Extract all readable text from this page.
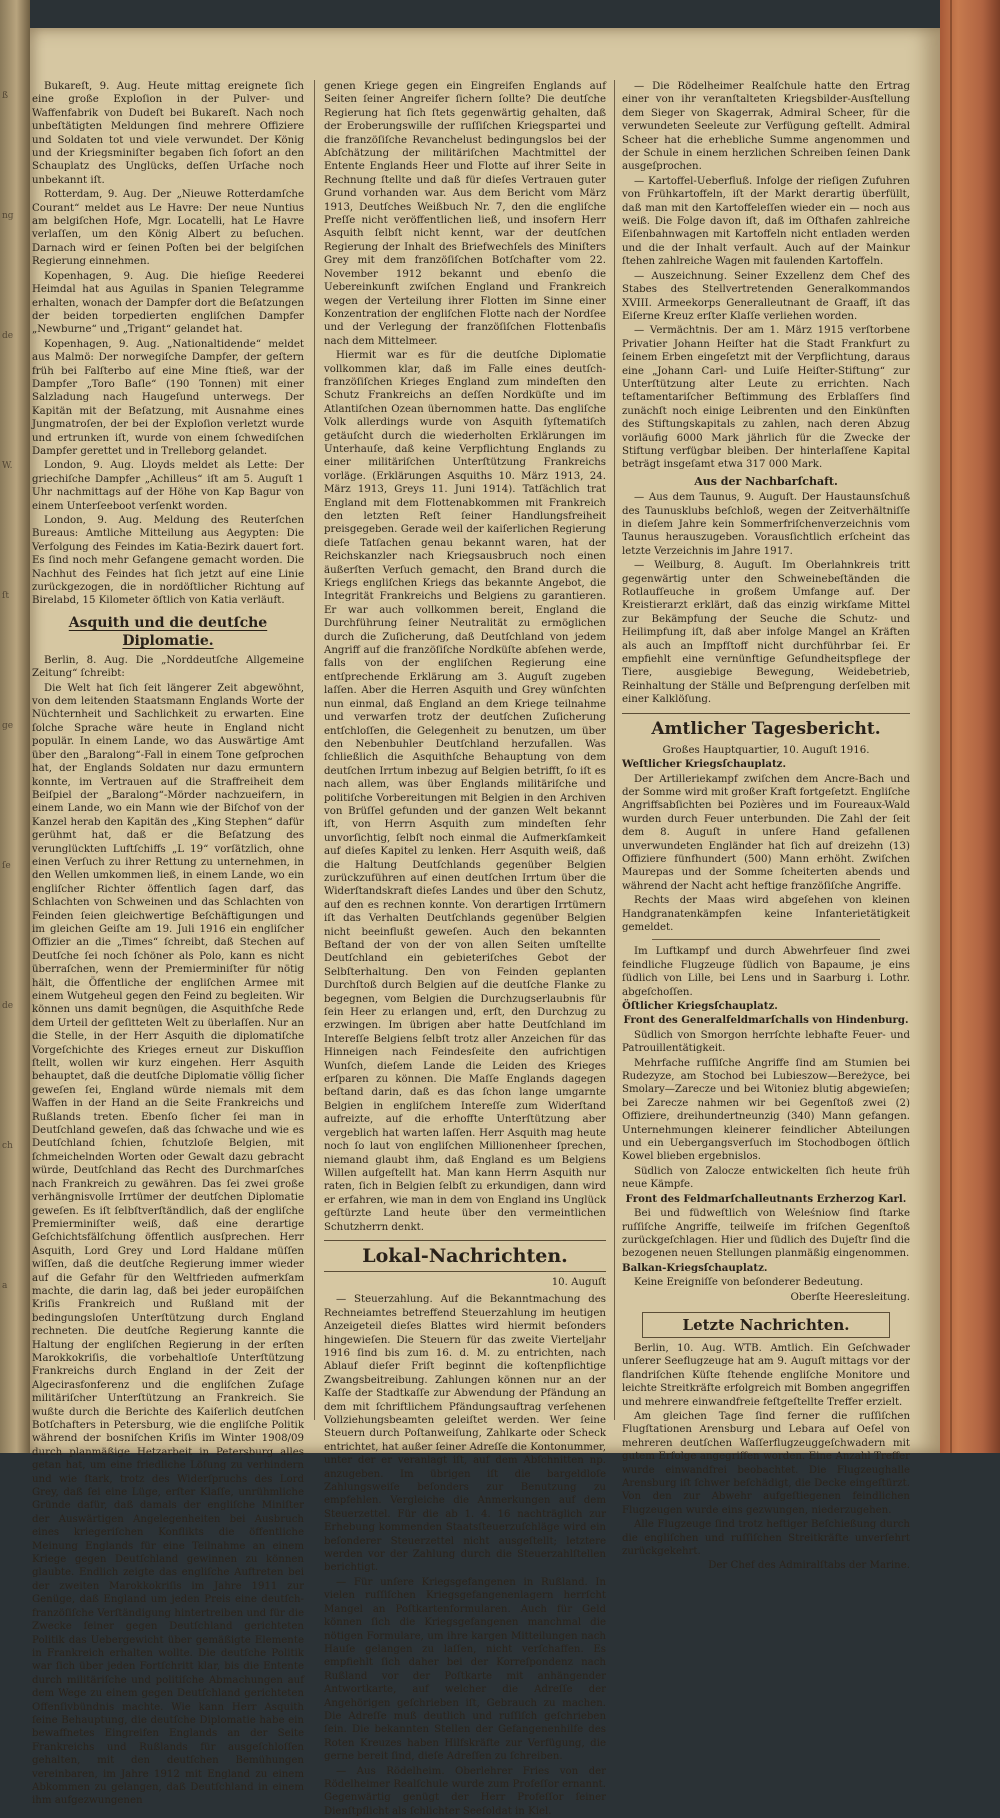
ß
ng
de
W.
ſt
ge
ſe
de
ch
a

Bukareſt, 9. Aug. Heute mittag ereignete ſich eine große Exploſion in der Pulver- und Waffenfabrik von Dudeſt bei Bukareſt. Nach noch unbeſtätigten Meldungen ſind mehrere Offiziere und Soldaten tot und viele verwundet. Der König und der Kriegsminiſter begaben ſich ſofort an den Schauplatz des Unglücks, deſſen Urſache noch unbekannt iſt.

Rotterdam, 9. Aug. Der „Nieuwe Rotterdamſche Courant“ meldet aus Le Havre: Der neue Nuntius am belgiſchen Hofe, Mgr. Locatelli, hat Le Havre verlaſſen, um den König Albert zu beſuchen. Darnach wird er ſeinen Poſten bei der belgiſchen Regierung einnehmen.

Kopenhagen, 9. Aug. Die hieſige Reederei Heimdal hat aus Aguilas in Spanien Telegramme erhalten, wonach der Dampfer dort die Beſatzungen der beiden torpedierten engliſchen Dampfer „Newburne“ und „Trigant“ gelandet hat.

Kopenhagen, 9. Aug. „Nationaltidende“ meldet aus Malmö: Der norwegiſche Dampfer, der geſtern früh bei Falſterbo auf eine Mine ſtieß, war der Dampfer „Toro Baſle“ (190 Tonnen) mit einer Salzladung nach Haugeſund unterwegs. Der Kapitän mit der Beſatzung, mit Ausnahme eines Jungmatroſen, der bei der Exploſion verletzt wurde und ertrunken iſt, wurde von einem ſchwediſchen Dampfer gerettet und in Trelleborg gelandet.

London, 9. Aug. Lloyds meldet als Lette: Der griechiſche Dampfer „Achilleus“ iſt am 5. Auguſt 1 Uhr nachmittags auf der Höhe von Kap Bagur von einem Unterſeeboot verſenkt worden.

London, 9. Aug. Meldung des Reuterſchen Bureaus: Amtliche Mitteilung aus Aegypten: Die Verfolgung des Feindes im Katia-Bezirk dauert fort. Es ſind noch mehr Gefangene gemacht worden. Die Nachhut des Feindes hat ſich jetzt auf eine Linie zurückgezogen, die in nordöſtlicher Richtung auf Birelabd, 15 Kilometer öſtlich von Katia verläuft.

Asquith und die deutſche Diplomatie.

Berlin, 8. Aug. Die „Norddeutſche Allgemeine Zeitung“ ſchreibt:

Die Welt hat ſich ſeit längerer Zeit abgewöhnt, von dem leitenden Staatsmann Englands Worte der Nüchternheit und Sachlichkeit zu erwarten. Eine ſolche Sprache wäre heute in England nicht populär. In einem Lande, wo das Auswärtige Amt über den „Baralong“-Fall in einem Tone geſprochen hat, der Englands Soldaten nur dazu ermuntern konnte, im Vertrauen auf die Straffreiheit dem Beiſpiel der „Baralong“-Mörder nachzueifern, in einem Lande, wo ein Mann wie der Biſchof von der Kanzel herab den Kapitän des „King Stephen“ dafür gerühmt hat, daß er die Beſatzung des verunglückten Luftſchiffs „L 19“ vorſätzlich, ohne einen Verſuch zu ihrer Rettung zu unternehmen, in den Wellen umkommen ließ, in einem Lande, wo ein engliſcher Richter öffentlich ſagen darf, das Schlachten von Schweinen und das Schlachten von Feinden ſeien gleichwertige Beſchäftigungen und im gleichen Geiſte am 19. Juli 1916 ein engliſcher Offizier an die „Times“ ſchreibt, daß Stechen auf Deutſche ſei noch ſchöner als Polo, kann es nicht überraſchen, wenn der Premierminiſter für nötig hält, die Öffentliche der engliſchen Armee mit einem Wutgeheul gegen den Feind zu begleiten. Wir können uns damit begnügen, die Asquithſche Rede dem Urteil der geſitteten Welt zu überlaſſen. Nur an die Stelle, in der Herr Asquith die diplomatiſche Vorgeſchichte des Krieges erneut zur Diskuſſion ſtellt, wollen wir kurz eingehen. Herr Asquith behauptet, daß die deutſche Diplomatie völlig ſicher geweſen ſei, England würde niemals mit dem Waffen in der Hand an die Seite Frankreichs und Rußlands treten. Ebenſo ſicher ſei man in Deutſchland geweſen, daß das ſchwache und wie es Deutſchland ſchien, ſchutzloſe Belgien, mit ſchmeichelnden Worten oder Gewalt dazu gebracht würde, Deutſchland das Recht des Durchmarſches nach Frankreich zu gewähren. Das ſei zwei große verhängnisvolle Irrtümer der deutſchen Diplomatie geweſen. Es iſt ſelbſtverſtändlich, daß der engliſche Premierminiſter weiß, daß eine derartige Geſchichtsfälſchung öffentlich ausſprechen. Herr Asquith, Lord Grey und Lord Haldane müſſen wiſſen, daß die deutſche Regierung immer wieder auf die Gefahr für den Weltfrieden aufmerkſam machte, die darin lag, daß bei jeder europäiſchen Kriſis Frankreich und Rußland mit der bedingungsloſen Unterſtützung durch England rechneten. Die deutſche Regierung kannte die Haltung der engliſchen Regierung in der erſten Marokkokriſis, die vorbehaltloſe Unterſtützung Frankreichs durch England in der Zeit der Algecirasfonferenz und die engliſchen Zuſage militäriſcher Unterſtützung an Frankreich. Sie wußte durch die Berichte des Kaiſerlich deutſchen Botſchafters in Petersburg, wie die engliſche Politik während der bosniſchen Kriſis im Winter 1908/09 durch planmäßige Hetzarbeit in Petersburg alles getan hat, um eine friedliche Löſung zu verhindern und wie ſtark, trotz des Widerſpruchs des Lord Grey, daß ſei eine Lüge, erſter Klaſſe, unrühmliche Gründe dafür, daß damals der engliſche Miniſter der Auswärtigen Angelegenheiten bei Ausbruch eines kriegeriſchen Konflikts die öffentliche Meinung Englands für eine Teilnahme an einem Kriege gegen Deutſchland gewinnen zu können glaubte. Endlich zeigte das engliſche Auftreten bei der zweiten Marokkokriſis im Jahre 1911 zur Genüge, daß England um jeden Preis eine deutſch-franzöſiſche Verſtändigung hintertreiben und für die Zwecke ſeiner gegen Deutſchland gerichteten Politik das Uebergewicht über gemäßigte Elemente in Frankreich erhalten wollte. Die deutſche Politik war ſich über jeden Fortſchritt klar, bis die Entente durch militäriſche und politiſche Abmachungen auf dem Wege zu einem gegen Deutſchland gerichteten Offenſivbündnis machte. Wie kann Herr Asquith ſeine Behauptung, die deutſche Diplomatie habe ein bewaffnetes Eingreifen Englands an der Seite Frankreichs und Rußlands für ausgeſchloſſen gehalten, mit den deutſchen Bemühungen vereinbaren, im Jahre 1912 mit England zu einem Abkommen zu gelangen, daß Deutſchland in einem ihm aufgezwungenen

genen Kriege gegen ein Eingreifen Englands auf Seiten ſeiner Angreifer ſichern ſollte? Die deutſche Regierung hat ſich ſtets gegenwärtig gehalten, daß der Eroberungswille der ruſſiſchen Kriegspartei und die franzöſiſche Revanchelust bedingungslos bei der Abſchätzung der militäriſchen Machtmittel der Entente Englands Heer und Flotte auf ihrer Seite in Rechnung ſtellte und daß für dieſes Vertrauen guter Grund vorhanden war. Aus dem Bericht vom März 1913, Deutſches Weißbuch Nr. 7, den die engliſche Preſſe nicht veröffentlichen ließ, und insofern Herr Asquith ſelbſt nicht kennt, war der deutſchen Regierung der Inhalt des Briefwechſels des Miniſters Grey mit dem franzöſiſchen Botſchafter vom 22. November 1912 bekannt und ebenſo die Uebereinkunft zwiſchen England und Frankreich wegen der Verteilung ihrer Flotten im Sinne einer Konzentration der engliſchen Flotte nach der Nordſee und der Verlegung der franzöſiſchen Flottenbaſis nach dem Mittelmeer.

Hiermit war es für die deutſche Diplomatie vollkommen klar, daß im Falle eines deutſch-franzöſiſchen Krieges England zum mindeſten den Schutz Frankreichs an deſſen Nordküſte und im Atlantiſchen Ozean übernommen hatte. Das engliſche Volk allerdings wurde von Asquith ſyſtematiſch getäuſcht durch die wiederholten Erklärungen im Unterhauſe, daß keine Verpflichtung Englands zu einer militäriſchen Unterſtützung Frankreichs vorläge. (Erklärungen Asquiths 10. März 1913, 24. März 1913, Greys 11. Juni 1914). Tatſächlich trat England mit dem Flottenabkommen mit Frankreich den letzten Reſt ſeiner Handlungsfreiheit preisgegeben. Gerade weil der kaiſerlichen Regierung dieſe Tatſachen genau bekannt waren, hat der Reichskanzler nach Kriegsausbruch noch einen äußerſten Verſuch gemacht, den Brand durch die Kriegs engliſchen Kriegs das bekannte Angebot, die Integrität Frankreichs und Belgiens zu garantieren. Er war auch vollkommen bereit, England die Durchführung ſeiner Neutralität zu ermöglichen durch die Zuſicherung, daß Deutſchland von jedem Angriff auf die franzöſiſche Nordküſte abſehen werde, falls von der engliſchen Regierung eine entſprechende Erklärung am 3. Auguſt zugeben laſſen. Aber die Herren Asquith und Grey wünſchten nun einmal, daß England an dem Kriege teilnahme und verwarfen trotz der deutſchen Zuſicherung entſchloſſen, die Gelegenheit zu benutzen, um über den Nebenbuhler Deutſchland herzufallen. Was ſchließlich die Asquithſche Behauptung von dem deutſchen Irrtum inbezug auf Belgien betrifft, ſo iſt es nach allem, was über Englands militäriſche und politiſche Vorbereitungen mit Belgien in den Archiven von Brüſſel gefunden und der ganzen Welt bekannt iſt, von Herrn Asquith zum mindeſten ſehr unvorſichtig, ſelbſt noch einmal die Aufmerkſamkeit auf dieſes Kapitel zu lenken. Herr Asquith weiß, daß die Haltung Deutſchlands gegenüber Belgien zurückzuführen auf einen deutſchen Irrtum über die Widerſtandskraft dieſes Landes und über den Schutz, auf den es rechnen konnte. Von derartigen Irrtümern iſt das Verhalten Deutſchlands gegenüber Belgien nicht beeinflußt geweſen. Auch den bekannten Beſtand der von der von allen Seiten umſtellte Deutſchland ein gebieteriſches Gebot der Selbſterhaltung. Den von Feinden geplanten Durchſtoß durch Belgien auf die deutſche Flanke zu begegnen, vom Belgien die Durchzugserlaubnis für ſein Heer zu erlangen und, erſt, den Durchzug zu erzwingen. Im übrigen aber hatte Deutſchland im Intereſſe Belgiens ſelbſt trotz aller Anzeichen für das Hinneigen nach Feindesſeite den aufrichtigen Wunſch, dieſem Lande die Leiden des Krieges erſparen zu können. Die Maſſe Englands dagegen beſtand darin, daß es das ſchon lange umgarnte Belgien in engliſchem Intereſſe zum Widerſtand aufreizte, auf die erhoffte Unterſtützung aber vergeblich hat warten laſſen. Herr Asquith mag heute noch ſo laut von engliſchen Millionenheer ſprechen, niemand glaubt ihm, daß England es um Belgiens Willen aufgeſtellt hat. Man kann Herrn Asquith nur raten, ſich in Belgien ſelbſt zu erkundigen, dann wird er erfahren, wie man in dem von England ins Unglück geſtürzte Land heute über den vermeintlichen Schutzherrn denkt.

Lokal-Nachrichten.

10. Auguſt

— Steuerzahlung. Auf die Bekanntmachung des Rechneiamtes betreffend Steuerzahlung im heutigen Anzeigeteil dieſes Blattes wird hiermit beſonders hingewieſen. Die Steuern für das zweite Vierteljahr 1916 ſind bis zum 16. d. M. zu entrichten, nach Ablauf dieſer Friſt beginnt die koſtenpflichtige Zwangsbeitreibung. Zahlungen können nur an der Kaſſe der Stadtkaſſe zur Abwendung der Pfändung an dem mit ſchriftlichem Pfändungsauftrag verſehenen Vollziehungsbeamten geleiſtet werden. Wer ſeine Steuern durch Poſtanweiſung, Zahlkarte oder Scheck entrichtet, hat außer ſeiner Adreſſe die Kontonummer, unter der er veranlagt iſt, auf dem Abſchnitten np. anzugeben. Im übrigen iſt die bargeldloſe Zahlungsweiſe beſonders zur Benutzung zu empfehlen. Vergleiche die Anmerkungen auf dem Steuerzettel. Für die ab 1. 4. 16 nachträglich zur Erhebung kommenden Staatsſteuerzuſchläge wird ein beſonderer Steuerzettel nicht ausgeſtellt; letztere werden vor der Zahlung durch die Steuerzahlſtellen berichtigt.

— Für unſere Kriegsgefangenen in Rußland. In vielen ruſſiſchen Kriegsgefangenenlagern herrſcht Mangel an Poſtkartenformularen. Auch für Geld können ſich die Kriegsgefangenen manchmal die nötigen Formulare, um ihre kargen Mitteilungen nach Hauſe gelangen zu laſſen, nicht verſchaffen. Es empfiehlt ſich daher bei der Korreſpondenz nach Rußland vor der Poſtkarte mit anhängender Antwortkarte, auf welcher die Adreſſe der Angehörigen geſchrieben iſt, Gebrauch zu machen. Die Adreſſe muß deutlich und ruſſiſch geſchrieben ſein. Die bekannten Stellen der Gefangenenhilfe des Roten Kreuzes haben Hilfskräfte zur Verfügung, die gerne bereit ſind, dieſe Adreſſen zu ſchreiben.

— Aus Rödelheim. Oberlehrer Fries von der Rödelheimer Realſchule wurde zum Profeſſor ernannt. Gegenwärtig genügt der Herr Profeſſor ſeiner Dienſtpflicht als ſchlichter Seeſoldat in Kiel.

— Die Rödelheimer Realſchule hatte den Ertrag einer von ihr veranſtalteten Kriegsbilder-Ausſtellung dem Sieger von Skagerrak, Admiral Scheer, für die verwundeten Seeleute zur Verfügung geſtellt. Admiral Scheer hat die erhebliche Summe angenommen und der Schule in einem herzlichen Schreiben ſeinen Dank ausgeſprochen.

— Kartoffel-Ueberfluß. Infolge der rieſigen Zufuhren von Frühkartoffeln, iſt der Markt derartig überfüllt, daß man mit den Kartoffeleſſen wieder ein — noch aus weiß. Die Folge davon iſt, daß im Oſthafen zahlreiche Eiſenbahnwagen mit Kartoffeln nicht entladen werden und die der Inhalt verfault. Auch auf der Mainkur ſtehen zahlreiche Wagen mit faulenden Kartoffeln.

— Auszeichnung. Seiner Exzellenz dem Chef des Stabes des Stellvertretenden Generalkommandos XVIII. Armeekorps Generalleutnant de Graaff, iſt das Eiſerne Kreuz erſter Klaſſe verliehen worden.

— Vermächtnis. Der am 1. März 1915 verſtorbene Privatier Johann Heiſter hat die Stadt Frankfurt zu ſeinem Erben eingeſetzt mit der Verpflichtung, daraus eine „Johann Carl- und Luiſe Heiſter-Stiftung“ zur Unterſtützung alter Leute zu errichten. Nach teſtamentariſcher Beſtimmung des Erblaſſers ſind zunächſt noch einige Leibrenten und den Einkünften des Stiftungskapitals zu zahlen, nach deren Abzug vorläufig 6000 Mark jährlich für die Zwecke der Stiftung verfügbar bleiben. Der hinterlaſſene Kapital beträgt insgeſamt etwa 317 000 Mark.

Aus der Nachbarſchaft.

— Aus dem Taunus, 9. Auguſt. Der Haustaunsſchuß des Taunusklubs beſchloß, wegen der Zeitverhältniſſe in dieſem Jahre kein Sommerfriſchenverzeichnis vom Taunus herauszugeben. Vorausſichtlich erſcheint das letzte Verzeichnis im Jahre 1917.

— Weilburg, 8. Auguſt. Im Oberlahnkreis tritt gegenwärtig unter den Schweinebeſtänden die Rotlaufſeuche in großem Umfange auf. Der Kreistierarzt erklärt, daß das einzig wirkſame Mittel zur Bekämpfung der Seuche die Schutz- und Heilimpfung iſt, daß aber infolge Mangel an Kräften als auch an Impfſtoff nicht durchführbar ſei. Er empfiehlt eine vernünftige Geſundheitspflege der Tiere, ausgiebige Bewegung, Weidebetrieb, Reinhaltung der Ställe und Beſprengung derſelben mit einer Kalklöſung.

Amtlicher Tagesbericht.

Großes Hauptquartier, 10. Auguſt 1916.

Weſtlicher Kriegsſchauplatz.

Der Artilleriekampf zwiſchen dem Ancre-Bach und der Somme wird mit großer Kraft fortgeſetzt. Engliſche Angriffsabſichten bei Pozières und im Foureaux-Wald wurden durch Feuer unterbunden. Die Zahl der ſeit dem 8. Auguſt in unſere Hand gefallenen unverwundeten Engländer hat ſich auf dreizehn (13) Offiziere fünfhundert (500) Mann erhöht. Zwiſchen Maurepas und der Somme ſcheiterten abends und während der Nacht acht heftige franzöſiſche Angriffe.

Rechts der Maas wird abgeſehen von kleinen Handgranatenkämpfen keine Infanterietätigkeit gemeldet.

Im Luftkampf und durch Abwehrfeuer ſind zwei feindliche Flugzeuge ſüdlich von Bapaume, je eins ſüdlich von Lille, bei Lens und in Saarburg i. Lothr. abgeſchoſſen.

Öſtlicher Kriegsſchauplatz.

Front des Generalfeldmarſchalls von Hindenburg.

Südlich von Smorgon herrſchte lebhafte Feuer- und Patrouillentätigkeit.

Mehrfache ruſſiſche Angriffe ſind am Stumien bei Rudezyze, am Stochod bei Lubieszow—Bereżyce, bei Smolary—Zarecze und bei Witoniez blutig abgewieſen; bei Zarecze nahmen wir bei Gegenſtoß zwei (2) Offiziere, dreihundertneunzig (340) Mann gefangen. Unternehmungen kleinerer feindlicher Abteilungen und ein Uebergangsverſuch im Stochodbogen öſtlich Kowel blieben ergebnislos.

Südlich von Zalocze entwickelten ſich heute früh neue Kämpfe.

Front des Feldmarſchalleutnants Erzherzog Karl.

Bei und füdweſtlich von Weleśniow ſind ſtarke ruſſiſche Angriffe, teilweiſe im friſchen Gegenſtoß zurückgeſchlagen. Hier und ſüdlich des Dujeſtr ſind die bezogenen neuen Stellungen planmäßig eingenommen.

Balkan-Kriegsſchauplatz.

Keine Ereigniſſe von beſonderer Bedeutung.

Oberſte Heeresleitung.

Letzte Nachrichten.

Berlin, 10. Aug. WTB. Amtlich. Ein Geſchwader unſerer Seeflugzeuge hat am 9. Auguſt mittags vor der flandriſchen Küſte ſtehende engliſche Monitore und leichte Streitkräfte erfolgreich mit Bomben angegriffen und mehrere einwandfreie feſtgeſtellte Treffer erzielt.

Am gleichen Tage ſind ferner die ruſſiſchen Flugſtationen Arensburg und Lebara auf Oeſel von mehreren deutſchen Waſſerflugzeuggeſchwadern mit gutem Erfolge angegriffen worden. Eine Anzahl Treffer wurde einwandfrei beobachtet. Die Flugzeughalle Arensburg iſt ſchwer beſchädigt, die Decke eingeſtürzt. Von den zur Abwehr aufgeſtiegenen feindlichen Flugzeugen wurde eins gezwungen, niederzugehen.

Alle Flugzeuge ſind trotz heftiger Beſchießung durch die engliſchen und ruſſiſchen Streitkräfte unverſehrt zurückgekehrt.

Der Chef des Admiralſtabs der Marine.
